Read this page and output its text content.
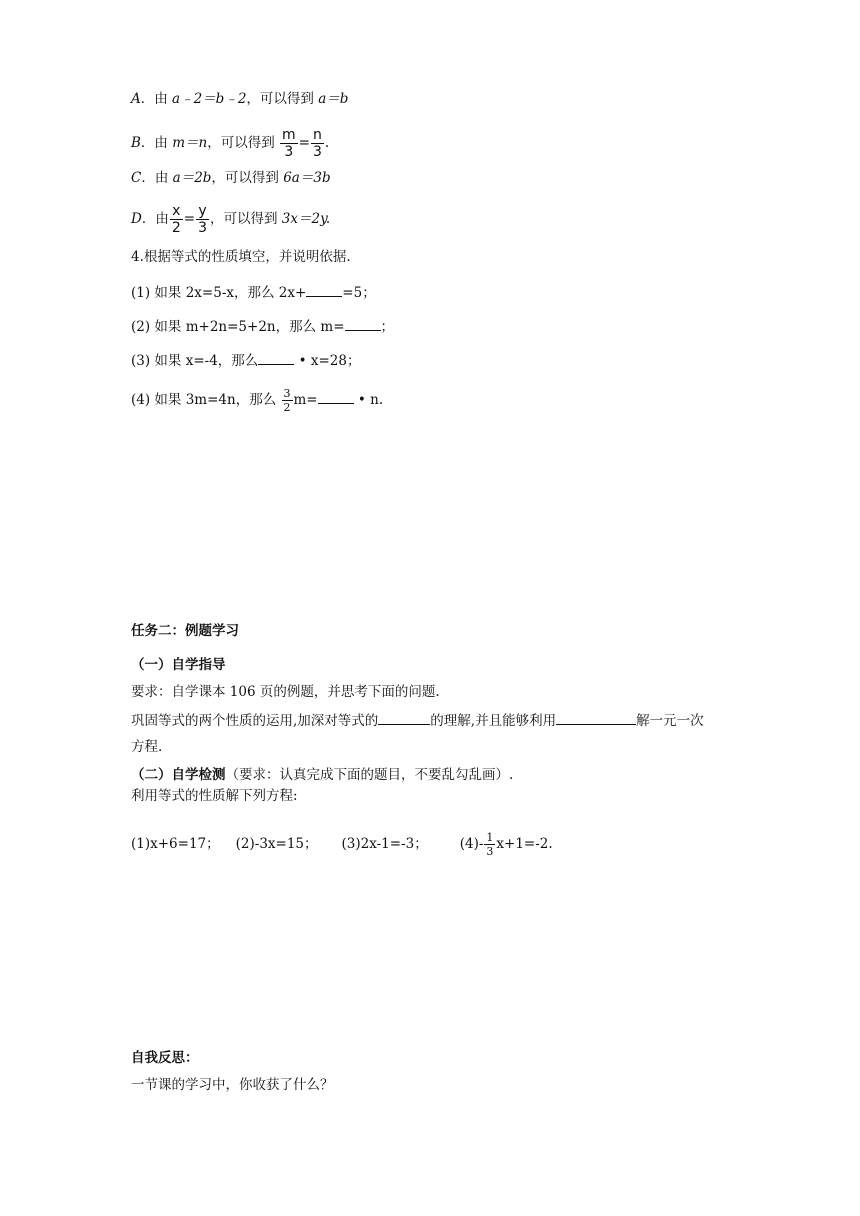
A．由 a﹣2＝b﹣2，可以得到 a＝b
B．由 m＝n，可以得到 $\frac{m}{3} = \frac{n}{3}$ .
C．由 a＝2b，可以得到 6a＝3b
D．由 $\frac{x}{2} = \frac{y}{3}$ ，可以得到 3x＝2y.
4.根据等式的性质填空，并说明依据.
(1) 如果 2x=5-x，那么 2x+	=5；
(2) 如果 m+2n=5+2n，那么 m=	；
(3) 如果 x=-4，那么	• x=28；
(4) 如果 3m=4n，那么 $\frac{3}{2} m=$	• n.
任务二：例题学习
（一）自学指导
要求：自学课本 106 页的例题，并思考下面的问题.
巩固等式的两个性质的运用,加深对等式的	的理解,并且能够利用	解一元一次
方程.
（二）自学检测（要求：认真完成下面的题目，不要乱勾乱画）.
利用等式的性质解下列方程:
(1)x+6=17； (2)-3x=15； (3)2x-1=-3； $(4)- \frac{1}{3} x+1=-2$.
自我反思：
一节课的学习中，你收获了什么？
